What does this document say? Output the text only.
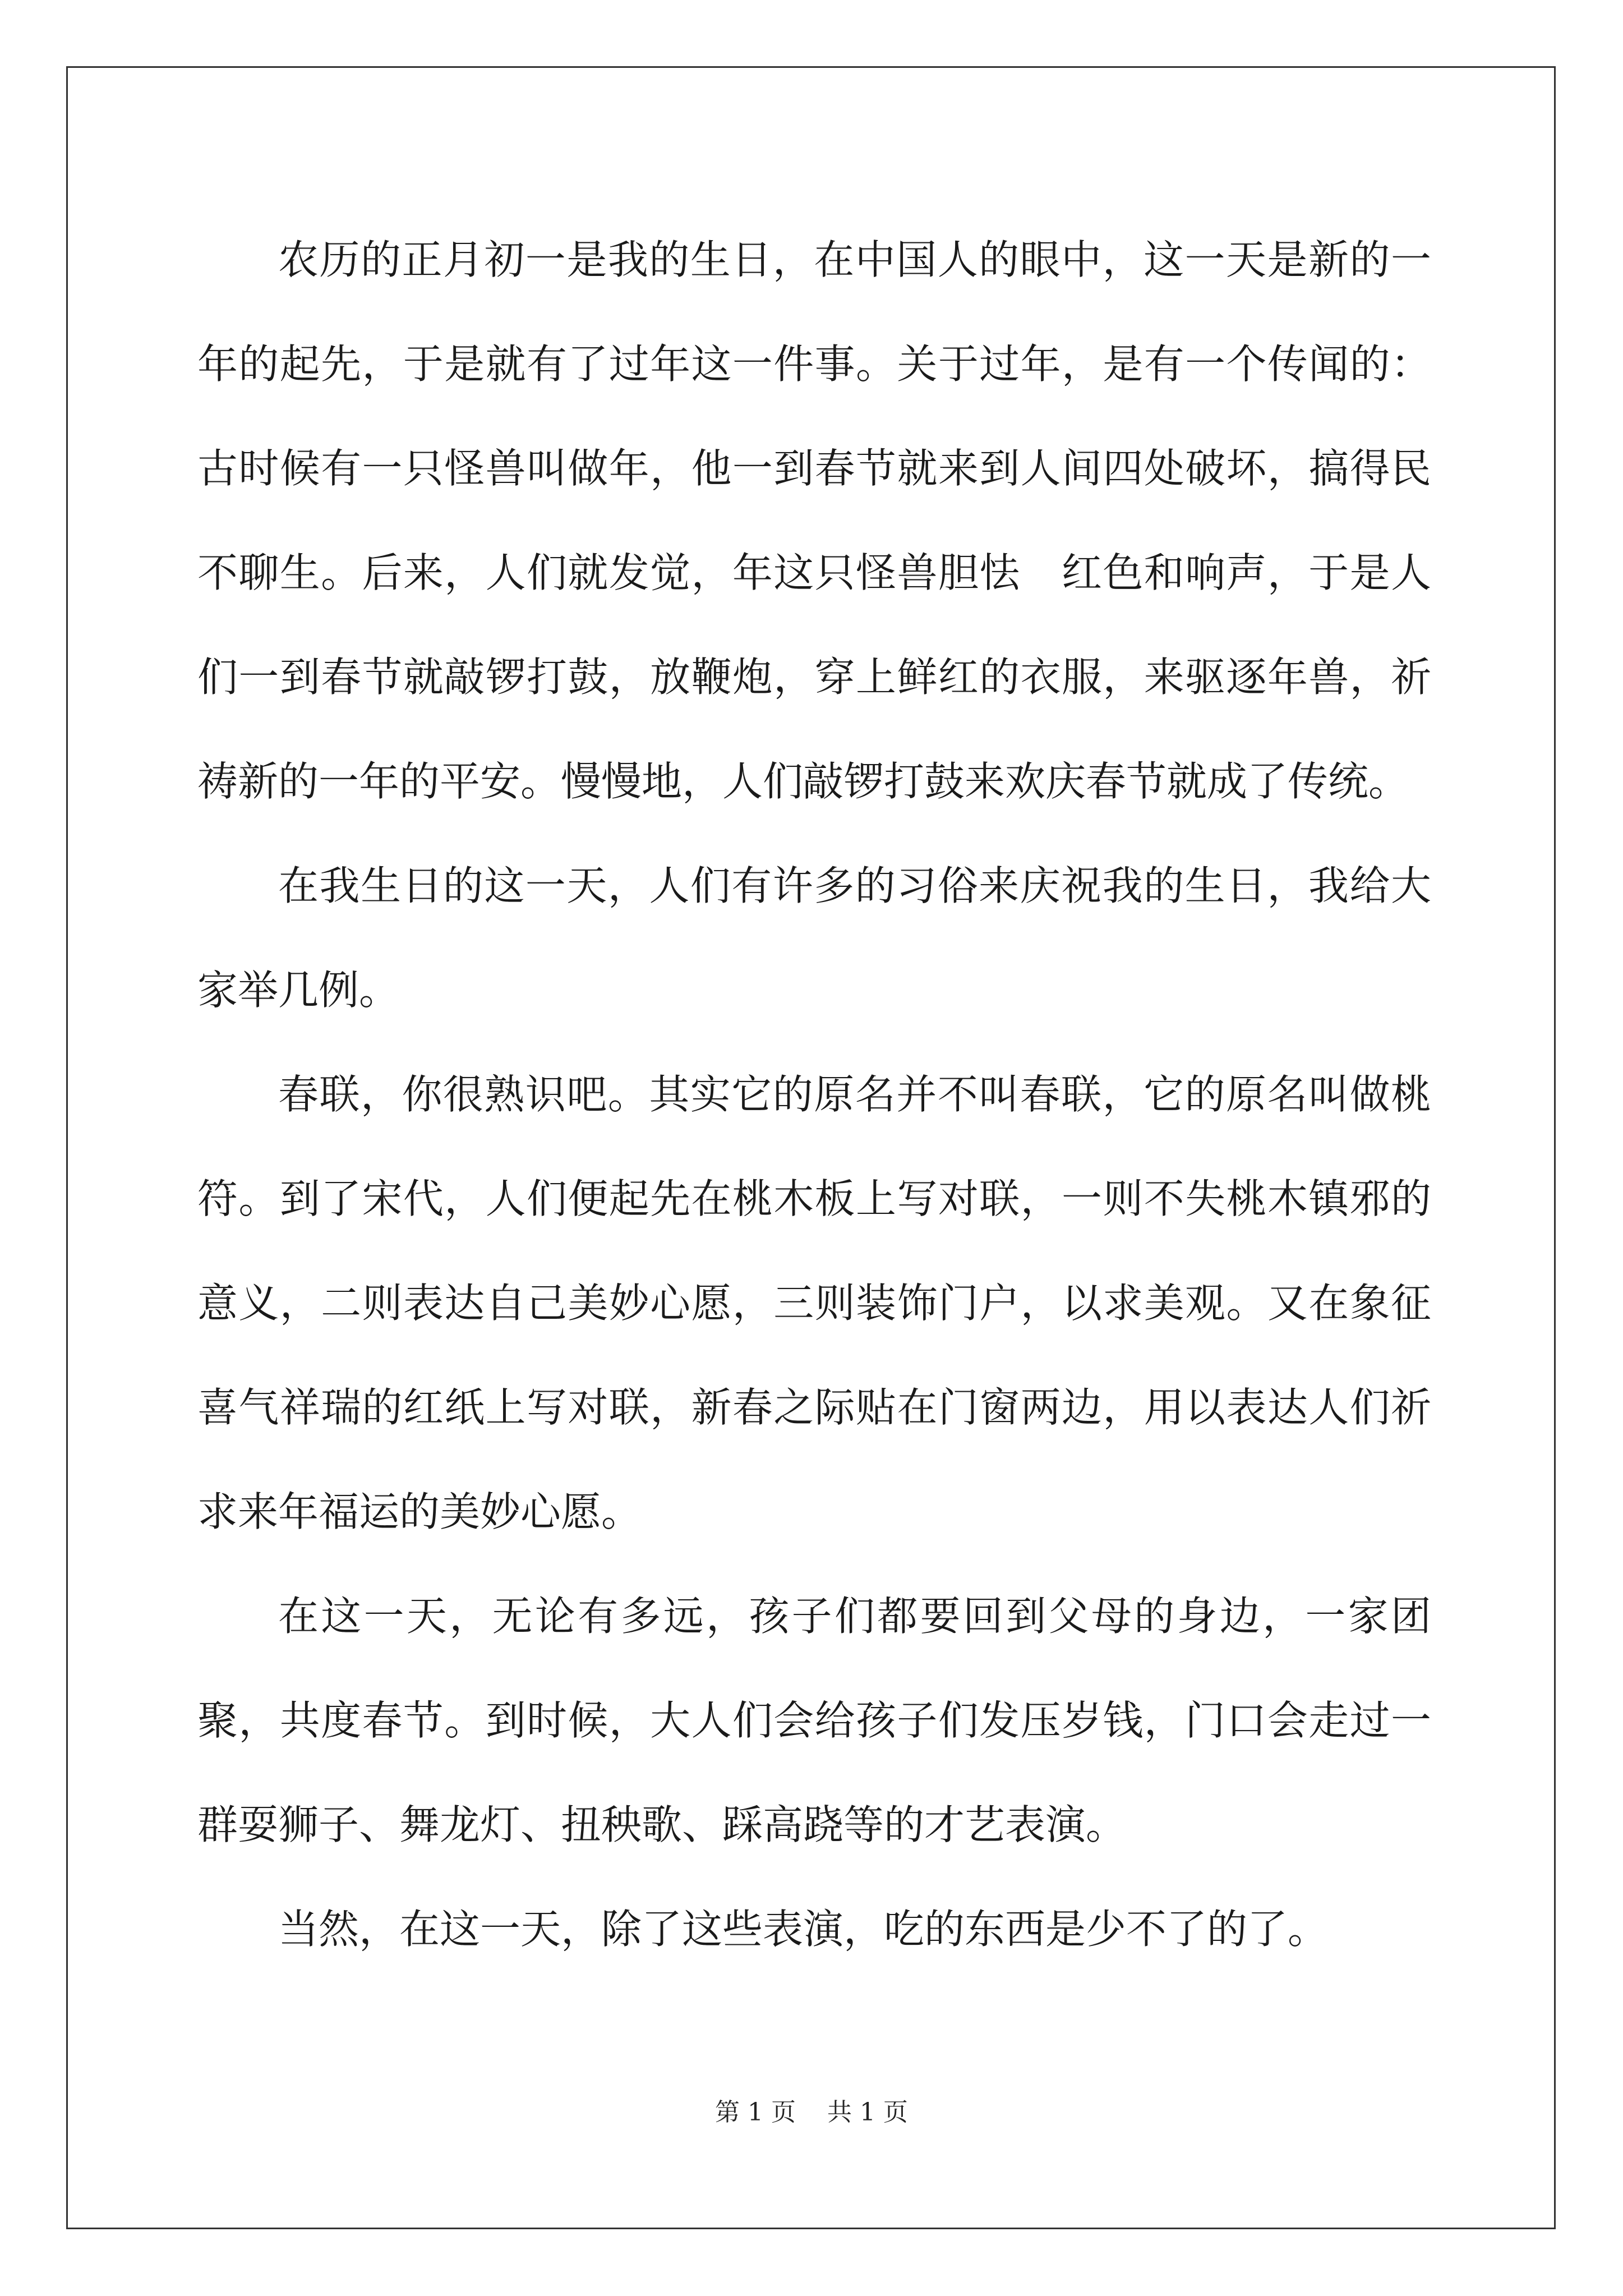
农历的正月初一是我的生日，在中国人的眼中，这一天是新的一年的起先，于是就有了过年这一件事。关于过年，是有一个传闻的：古时候有一只怪兽叫做年，他一到春节就来到人间四处破坏，搞得民不聊生。后来，人们就发觉，年这只怪兽胆怯　红色和响声，于是人们一到春节就敲锣打鼓，放鞭炮，穿上鲜红的衣服，来驱逐年兽，祈祷新的一年的平安。慢慢地，人们敲锣打鼓来欢庆春节就成了传统。

在我生日的这一天，人们有许多的习俗来庆祝我的生日，我给大家举几例。

春联，你很熟识吧。其实它的原名并不叫春联，它的原名叫做桃符。到了宋代，人们便起先在桃木板上写对联，一则不失桃木镇邪的意义，二则表达自己美妙心愿，三则装饰门户，以求美观。又在象征喜气祥瑞的红纸上写对联，新春之际贴在门窗两边，用以表达人们祈求来年福运的美妙心愿。

在这一天，无论有多远，孩子们都要回到父母的身边，一家团聚，共度春节。到时候，大人们会给孩子们发压岁钱，门口会走过一群耍狮子、舞龙灯、扭秧歌、踩高跷等的才艺表演。

当然，在这一天，除了这些表演，吃的东西是少不了的了。

第 1 页 共 1 页
